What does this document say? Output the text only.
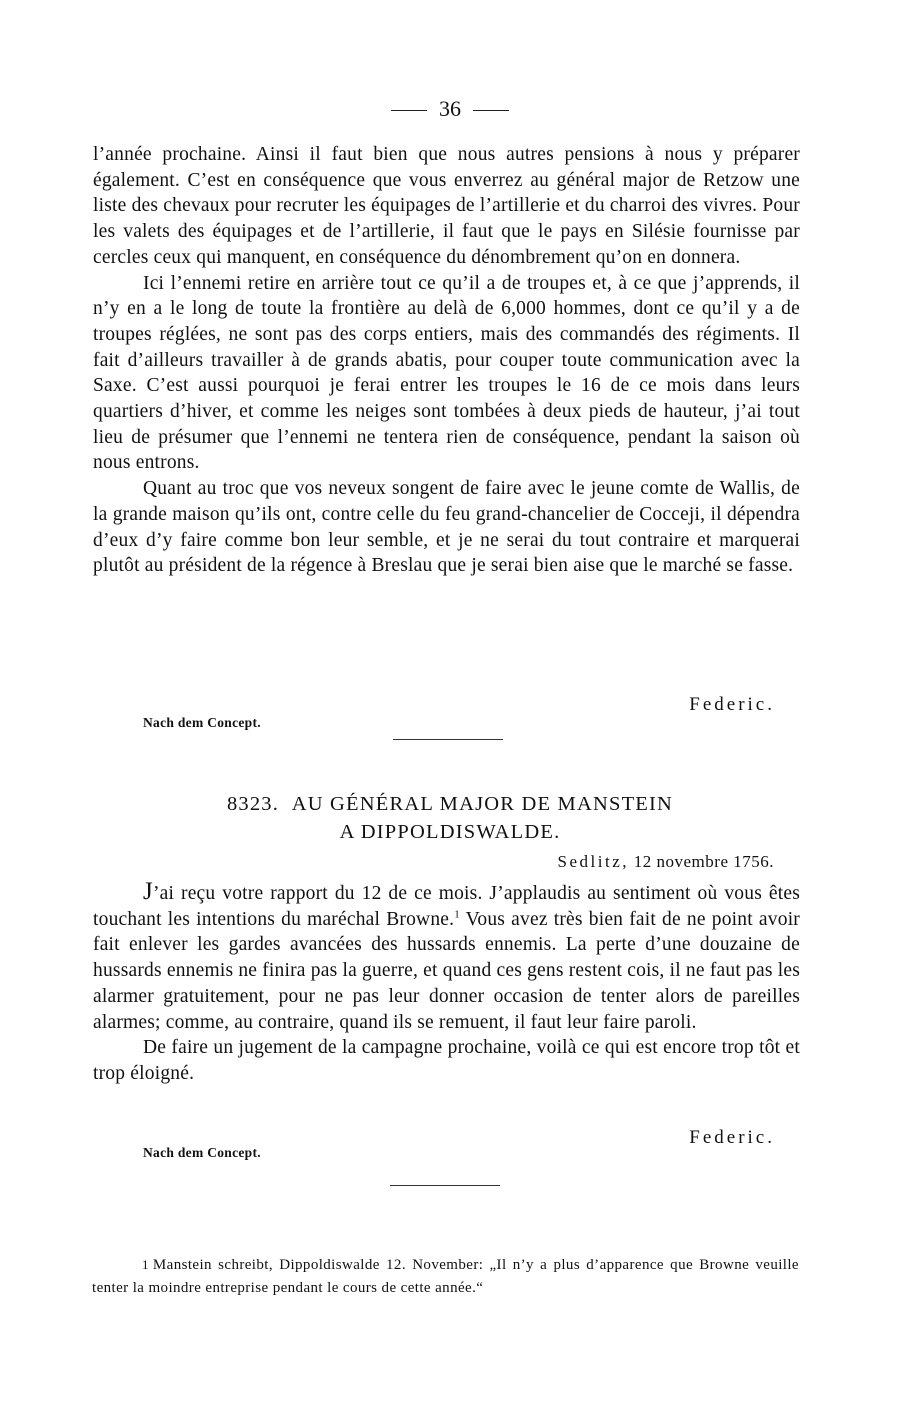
36

l’année prochaine. Ainsi il faut bien que nous autres pensions à nous y préparer également. C’est en conséquence que vous enverrez au général major de Retzow une liste des chevaux pour recruter les équipages de l’artillerie et du charroi des vivres. Pour les valets des équipages et de l’artillerie, il faut que le pays en Silésie fournisse par cercles ceux qui manquent, en conséquence du dénombrement qu’on en donnera.

Ici l’ennemi retire en arrière tout ce qu’il a de troupes et, à ce que j’apprends, il n’y en a le long de toute la frontière au delà de 6,000 hommes, dont ce qu’il y a de troupes réglées, ne sont pas des corps entiers, mais des commandés des régiments. Il fait d’ailleurs travailler à de grands abatis, pour couper toute communication avec la Saxe. C’est aussi pourquoi je ferai entrer les troupes le 16 de ce mois dans leurs quartiers d’hiver, et comme les neiges sont tombées à deux pieds de hauteur, j’ai tout lieu de présumer que l’ennemi ne tentera rien de conséquence, pendant la saison où nous entrons.

Quant au troc que vos neveux songent de faire avec le jeune comte de Wallis, de la grande maison qu’ils ont, contre celle du feu grand-chancelier de Cocceji, il dépendra d’eux d’y faire comme bon leur semble, et je ne serai du tout contraire et marquerai plutôt au président de la régence à Breslau que je serai bien aise que le marché se fasse.

Federic.
Nach dem Concept.
8323. AU GÉNÉRAL MAJOR DE MANSTEIN
A DIPPOLDISWALDE.
Sedlitz, 12 novembre 1756.

J’ai reçu votre rapport du 12 de ce mois. J’applaudis au sentiment où vous êtes touchant les intentions du maréchal Browne.$^1$ Vous avez très bien fait de ne point avoir fait enlever les gardes avancées des hussards ennemis. La perte d’une douzaine de hussards ennemis ne finira pas la guerre, et quand ces gens restent cois, il ne faut pas les alarmer gratuitement, pour ne pas leur donner occasion de tenter alors de pareilles alarmes; comme, au contraire, quand ils se remuent, il faut leur faire paroli.

De faire un jugement de la campagne prochaine, voilà ce qui est encore trop tôt et trop éloigné.

Federic.
Nach dem Concept.
1 Manstein schreibt, Dippoldiswalde 12. November: „Il n’y a plus d’apparence que Browne veuille tenter la moindre entreprise pendant le cours de cette année.“
